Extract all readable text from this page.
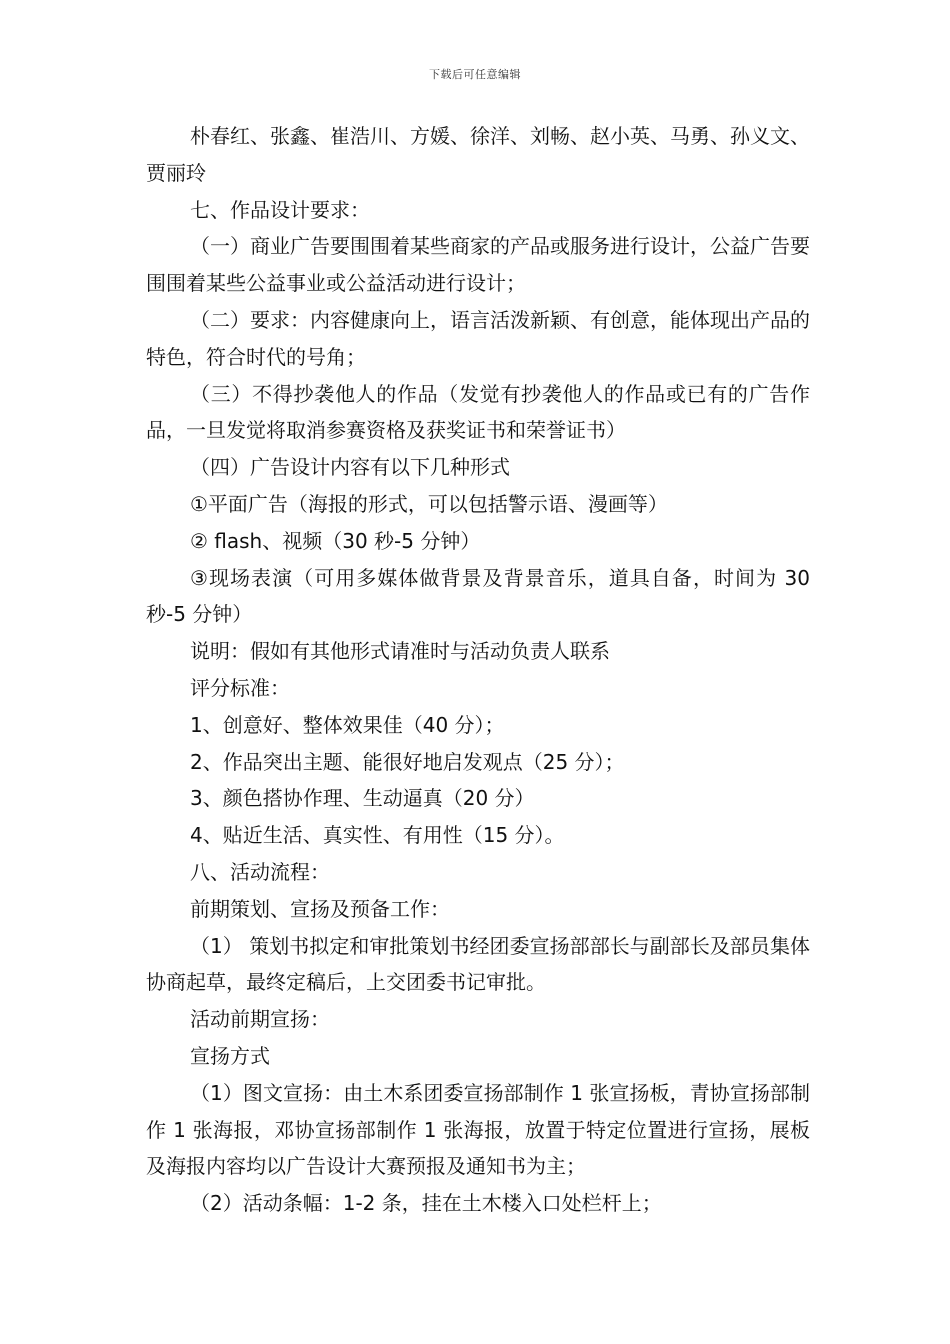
下载后可任意编辑

朴春红、张鑫、崔浩川、方媛、徐洋、刘畅、赵小英、马勇、孙义文、贾丽玲

七、作品设计要求：

（一）商业广告要围围着某些商家的产品或服务进行设计，公益广告要围围着某些公益事业或公益活动进行设计；

（二）要求：内容健康向上，语言活泼新颖、有创意，能体现出产品的特色，符合时代的号角；

（三）不得抄袭他人的作品（发觉有抄袭他人的作品或已有的广告作品，一旦发觉将取消参赛资格及获奖证书和荣誉证书）

（四）广告设计内容有以下几种形式

①平面广告（海报的形式，可以包括警示语、漫画等）

② flash、视频（30 秒-5 分钟）

③现场表演（可用多媒体做背景及背景音乐，道具自备，时间为 30 秒-5 分钟）

说明：假如有其他形式请准时与活动负责人联系

评分标准：

1、创意好、整体效果佳（40 分）；

2、作品突出主题、能很好地启发观点（25 分）；

3、颜色搭协作理、生动逼真（20 分）

4、贴近生活、真实性、有用性（15 分）。

八、活动流程：

前期策划、宣扬及预备工作：

（1） 策划书拟定和审批策划书经团委宣扬部部长与副部长及部员集体协商起草，最终定稿后，上交团委书记审批。

活动前期宣扬：

宣扬方式

（1）图文宣扬：由土木系团委宣扬部制作 1 张宣扬板，青协宣扬部制作 1 张海报，邓协宣扬部制作 1 张海报，放置于特定位置进行宣扬，展板及海报内容均以广告设计大赛预报及通知书为主；

（2）活动条幅：1-2 条，挂在土木楼入口处栏杆上；
